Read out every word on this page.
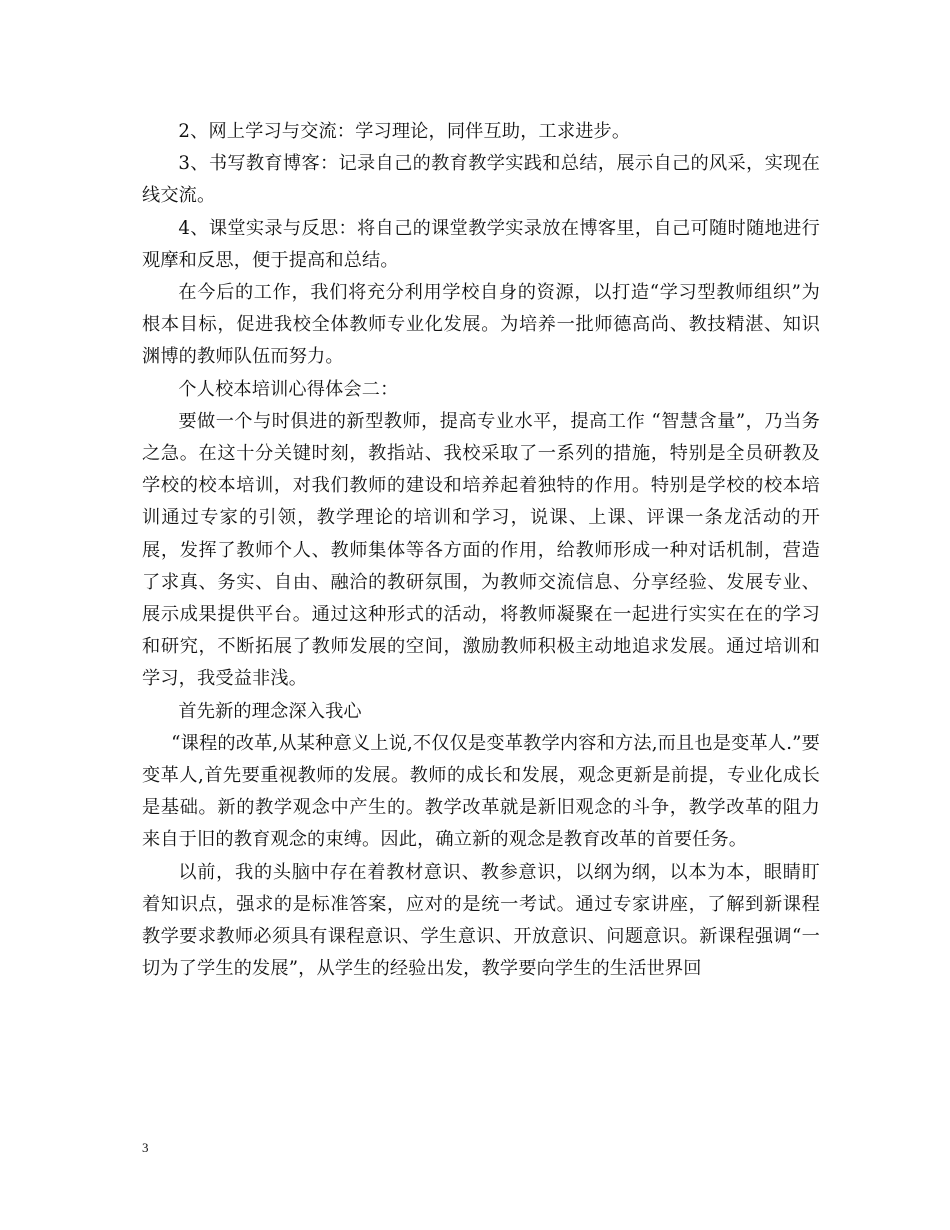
2、网上学习与交流：学习理论，同伴互助，工求进步。

3、书写教育博客：记录自己的教育教学实践和总结，展示自己的风采，实现在线交流。

4、课堂实录与反思：将自己的课堂教学实录放在博客里，自己可随时随地进行观摩和反思，便于提高和总结。

在今后的工作，我们将充分利用学校自身的资源，以打造“学习型教师组织”为根本目标，促进我校全体教师专业化发展。为培养一批师德高尚、教技精湛、知识渊博的教师队伍而努力。

个人校本培训心得体会二：

要做一个与时俱进的新型教师，提高专业水平，提高工作 “智慧含量”，乃当务之急。在这十分关键时刻，教指站、我校采取了一系列的措施，特别是全员研教及学校的校本培训，对我们教师的建设和培养起着独特的作用。特别是学校的校本培训通过专家的引领，教学理论的培训和学习，说课、上课、评课一条龙活动的开展，发挥了教师个人、教师集体等各方面的作用，给教师形成一种对话机制，营造了求真、务实、自由、融洽的教研氛围，为教师交流信息、分享经验、发展专业、展示成果提供平台。通过这种形式的活动，将教师凝聚在一起进行实实在在的学习和研究，不断拓展了教师发展的空间，激励教师积极主动地追求发展。通过培训和学习，我受益非浅。

首先新的理念深入我心

“课程的改革,从某种意义上说,不仅仅是变革教学内容和方法,而且也是变革人.”要变革人,首先要重视教师的发展。教师的成长和发展，观念更新是前提，专业化成长是基础。新的教学观念中产生的。教学改革就是新旧观念的斗争，教学改革的阻力来自于旧的教育观念的束缚。因此，确立新的观念是教育改革的首要任务。

以前，我的头脑中存在着教材意识、教参意识，以纲为纲，以本为本，眼睛盯着知识点，强求的是标准答案，应对的是统一考试。通过专家讲座，了解到新课程教学要求教师必须具有课程意识、学生意识、开放意识、问题意识。新课程强调“一切为了学生的发展”，从学生的经验出发，教学要向学生的生活世界回

3
